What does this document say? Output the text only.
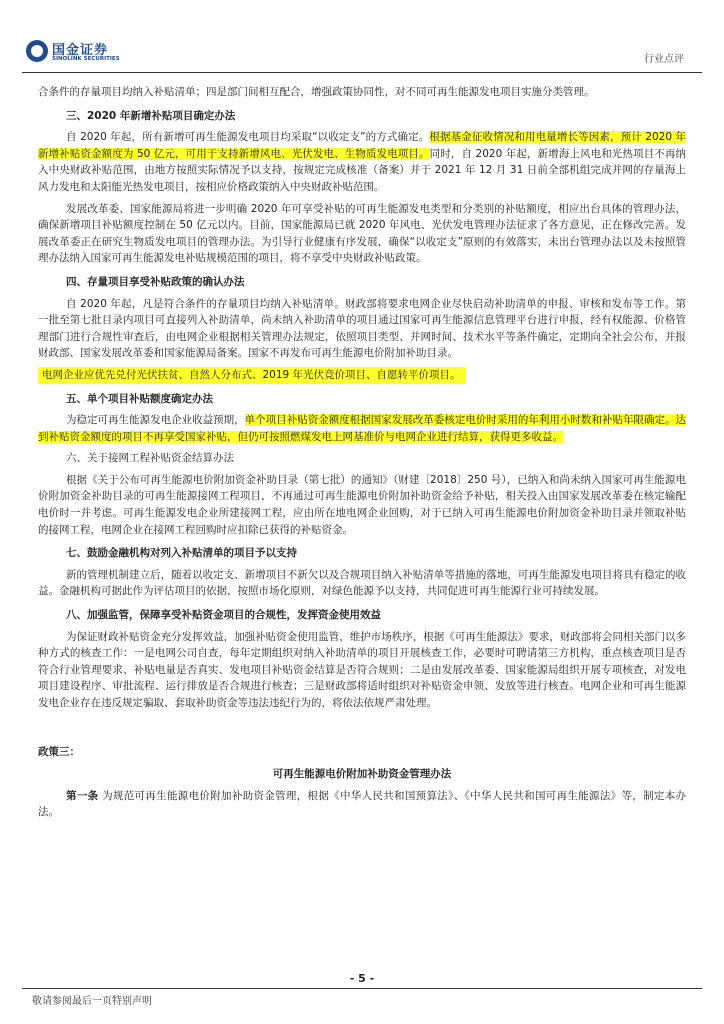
国金证券
SINOLINK SECURITIES	行业点评

合条件的存量项目均纳入补贴清单；四是部门间相互配合，增强政策协同性，对不同可再生能源发电项目实施分类管理。

三、2020 年新增补贴项目确定办法

自 2020 年起，所有新增可再生能源发电项目均采取“以收定支”的方式确定。根据基金征收情况和用电量增长等因素，预计 2020 年新增补贴资金额度为 50 亿元，可用于支持新增风电、光伏发电、生物质发电项目。同时，自 2020 年起，新增海上风电和光热项目不再纳入中央财政补贴范围，由地方按照实际情况予以支持，按规定完成核准（备案）并于 2021 年 12 月 31 日前全部机组完成并网的存量海上风力发电和太阳能光热发电项目，按相应价格政策纳入中央财政补贴范围。

发展改革委、国家能源局将进一步明确 2020 年可享受补贴的可再生能源发电类型和分类别的补贴额度，相应出台具体的管理办法，确保新增项目补贴额度控制在 50 亿元以内。目前，国家能源局已就 2020 年风电、光伏发电管理办法征求了各方意见，正在修改完善。发展改革委正在研究生物质发电项目的管理办法。为引导行业健康有序发展，确保“以收定支”原则的有效落实，未出台管理办法以及未按照管理办法纳入国家可再生能源发电补贴规模范围的项目，将不享受中央财政补贴政策。

四、存量项目享受补贴政策的确认办法

自 2020 年起，凡是符合条件的存量项目均纳入补贴清单。财政部将要求电网企业尽快启动补助清单的申报、审核和发布等工作。第一批至第七批目录内项目可直接列入补助清单，尚未纳入补助清单的项目通过国家可再生能源信息管理平台进行申报，经有权能源、价格管理部门进行合规性审查后，由电网企业根据相关管理办法规定，依照项目类型、并网时间、技术水平等条件确定，定期向全社会公布，并报财政部、国家发展改革委和国家能源局备案。国家不再发布可再生能源电价附加补助目录。

电网企业应优先兑付光伏扶贫、自然人分布式、2019 年光伏竞价项目、自愿转平价项目。

五、单个项目补贴额度确定办法

为稳定可再生能源发电企业收益预期，单个项目补贴资金额度根据国家发展改革委核定电价时采用的年利用小时数和补贴年限确定。达到补贴资金额度的项目不再享受国家补贴，但仍可按照燃煤发电上网基准价与电网企业进行结算，获得更多收益。

六、关于接网工程补贴资金结算办法

根据《关于公布可再生能源电价附加资金补助目录（第七批）的通知》（财建〔2018〕250 号），已纳入和尚未纳入国家可再生能源电价附加资金补助目录的可再生能源接网工程项目，不再通过可再生能源电价附加补助资金给予补贴，相关投入由国家发展改革委在核定输配电价时一并考虑。可再生能源发电企业所建接网工程，应由所在地电网企业回购，对于已纳入可再生能源电价附加资金补助目录并领取补贴的接网工程，电网企业在接网工程回购时应扣除已获得的补贴资金。

七、鼓励金融机构对列入补贴清单的项目予以支持

新的管理机制建立后，随着以收定支、新增项目不新欠以及合规项目纳入补贴清单等措施的落地，可再生能源发电项目将具有稳定的收益。金融机构可据此作为评估项目的依据，按照市场化原则，对绿色能源予以支持，共同促进可再生能源行业可持续发展。

八、加强监管，保障享受补贴资金项目的合规性，发挥资金使用效益

为保证财政补贴资金充分发挥效益，加强补贴资金使用监管，维护市场秩序，根据《可再生能源法》要求，财政部将会同相关部门以多种方式的核查工作：一是电网公司自查，每年定期组织对纳入补助清单的项目开展核查工作，必要时可聘请第三方机构，重点核查项目是否符合行业管理要求、补贴电量是否真实、发电项目补贴资金结算是否符合规则；二是由发展改革委、国家能源局组织开展专项核查，对发电项目建设程序、审批流程、运行排放是否合规进行核查；三是财政部将适时组织对补贴资金申领、发放等进行核查。电网企业和可再生能源发电企业存在违反规定骗取、套取补助资金等违法违纪行为的，将依法依规严肃处理。

政策三：

可再生能源电价附加补助资金管理办法

第一条 为规范可再生能源电价附加补助资金管理，根据《中华人民共和国预算法》、《中华人民共和国可再生能源法》等，制定本办法。

- 5 -
敬请参阅最后一页特别声明
